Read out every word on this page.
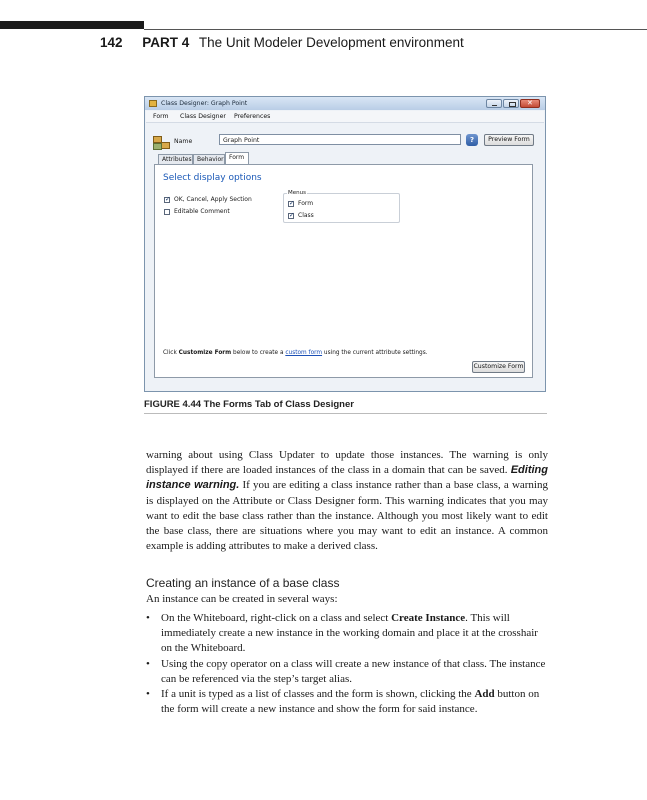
142 PART 4 The Unit Modeler Development environment
Class Designer: Graph Point
✕
Form Class Designer Preferences
Name	Graph Point	?	Preview Form
Attributes Behavior Form
Select display options
✓
OK, Cancel, Apply Section
Editable Comment
Menus
✓
Form
✓
Class
Click Customize Form below to create a custom form using the current attribute settings.
Customize Form
FIGURE 4.44 The Forms Tab of Class Designer
warning about using Class Updater to update those instances. The warning is only displayed if there are loaded instances of the class in a domain that can be saved. Editing instance warning. If you are editing a class instance rather than a base class, a warning is displayed on the Attribute or Class Designer form. This warning indicates that you may want to edit the base class rather than the instance. Although you most likely want to edit the base class, there are situations where you may want to edit an instance. A common example is adding attributes to make a derived class.
Creating an instance of a base class
An instance can be created in several ways:
• On the Whiteboard, right-click on a class and select Create Instance. This will immediately create a new instance in the working domain and place it at the crosshair on the Whiteboard.
• Using the copy operator on a class will create a new instance of that class. The instance can be referenced via the step’s target alias.
• If a unit is typed as a list of classes and the form is shown, clicking the Add button on the form will create a new instance and show the form for said instance.
